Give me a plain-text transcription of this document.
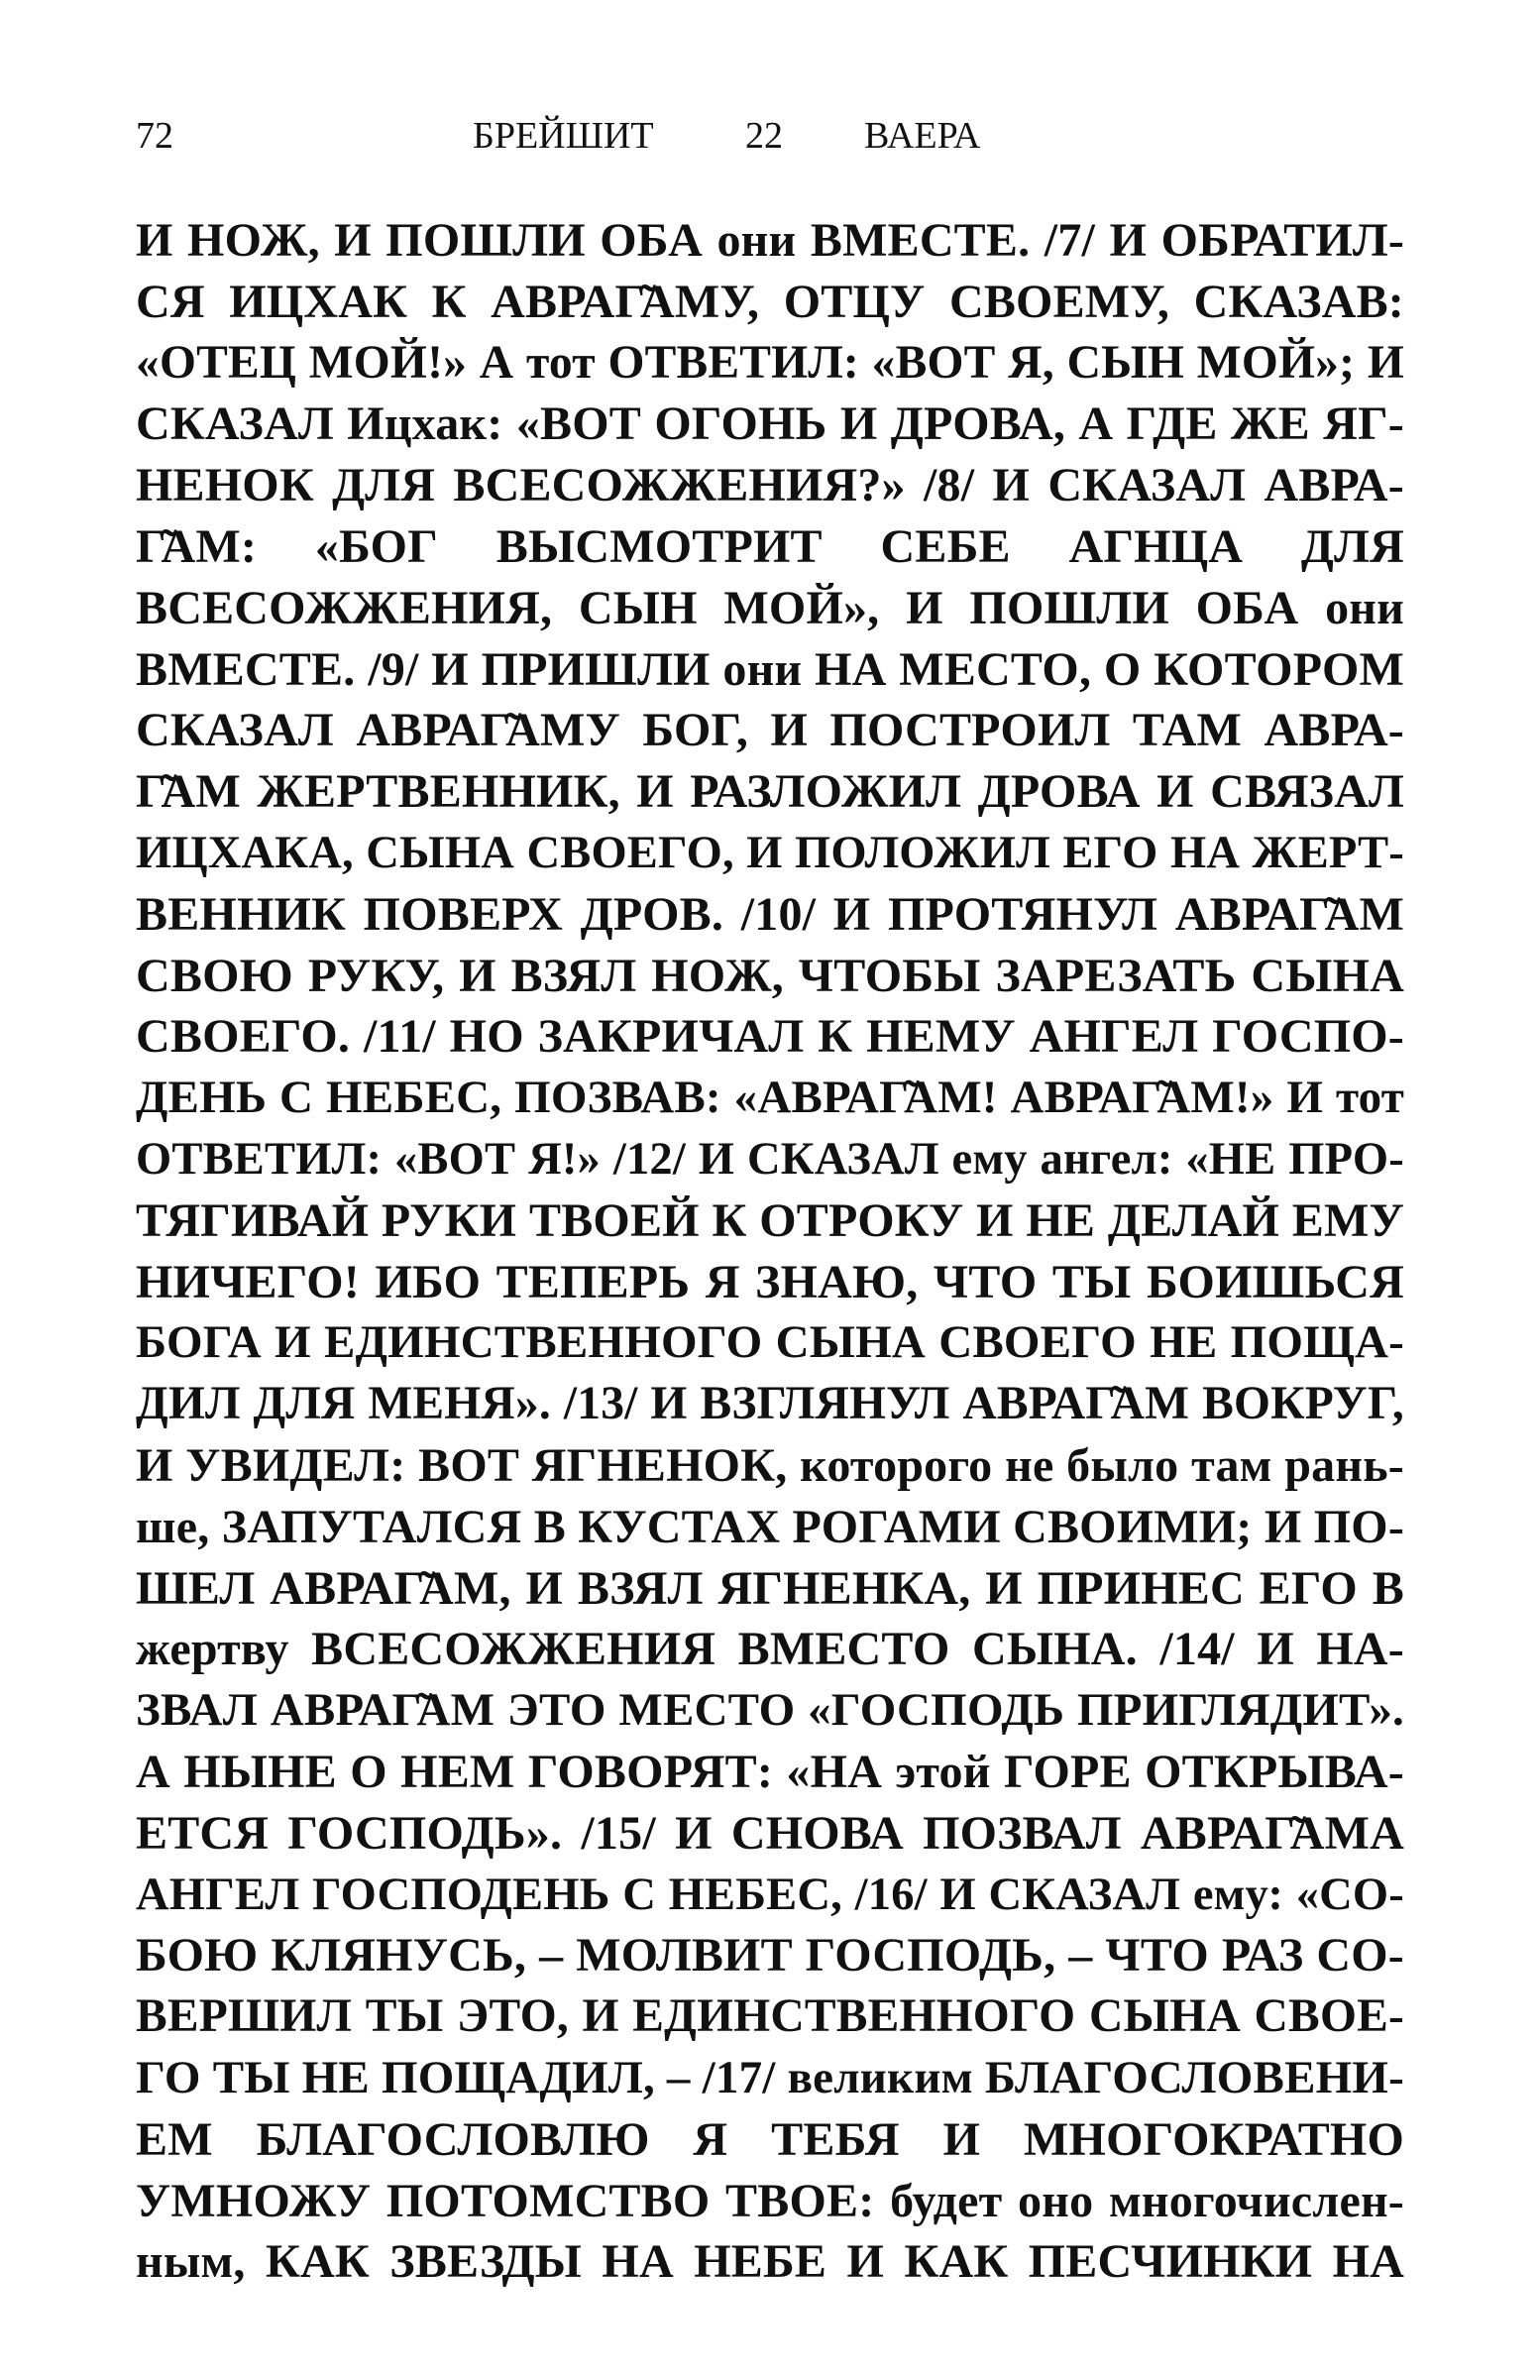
72	БРЕЙШИТ 22 ВАЕРА
И НОЖ, И ПОШЛИ ОБА они ВМЕСТЕ. /7/ И ОБРАТИЛ-
СЯ ИЦХАК К АВРАГ̃АМУ, ОТЦУ СВОЕМУ, СКАЗАВ:
«ОТЕЦ МОЙ!» А тот ОТВЕТИЛ: «ВОТ Я, СЫН МОЙ»; И
СКАЗАЛ Ицхак: «ВОТ ОГОНЬ И ДРОВА, А ГДЕ ЖЕ ЯГ-
НЕНОК ДЛЯ ВСЕСОЖЖЕНИЯ?» /8/ И СКАЗАЛ АВРА-
Г̃АМ: «БОГ ВЫСМОТРИТ СЕБЕ АГНЦА ДЛЯ
ВСЕСОЖЖЕНИЯ, СЫН МОЙ», И ПОШЛИ ОБА они
ВМЕСТЕ. /9/ И ПРИШЛИ они НА МЕСТО, О КОТОРОМ
СКАЗАЛ АВРАГ̃АМУ БОГ, И ПОСТРОИЛ ТАМ АВРА-
Г̃АМ ЖЕРТВЕННИК, И РАЗЛОЖИЛ ДРОВА И СВЯЗАЛ
ИЦХАКА, СЫНА СВОЕГО, И ПОЛОЖИЛ ЕГО НА ЖЕРТ-
ВЕННИК ПОВЕРХ ДРОВ. /10/ И ПРОТЯНУЛ АВРАГ̃АМ
СВОЮ РУКУ, И ВЗЯЛ НОЖ, ЧТОБЫ ЗАРЕЗАТЬ СЫНА
СВОЕГО. /11/ НО ЗАКРИЧАЛ К НЕМУ АНГЕЛ ГОСПО-
ДЕНЬ С НЕБЕС, ПОЗВАВ: «АВРАГ̃АМ! АВРАГ̃АМ!» И тот
ОТВЕТИЛ: «ВОТ Я!» /12/ И СКАЗАЛ ему ангел: «НЕ ПРО-
ТЯГИВАЙ РУКИ ТВОЕЙ К ОТРОКУ И НЕ ДЕЛАЙ ЕМУ
НИЧЕГО! ИБО ТЕПЕРЬ Я ЗНАЮ, ЧТО ТЫ БОИШЬСЯ
БОГА И ЕДИНСТВЕННОГО СЫНА СВОЕГО НЕ ПОЩА-
ДИЛ ДЛЯ МЕНЯ». /13/ И ВЗГЛЯНУЛ АВРАГ̃АМ ВОКРУГ,
И УВИДЕЛ: ВОТ ЯГНЕНОК, которого не было там рань-
ше, ЗАПУТАЛСЯ В КУСТАХ РОГАМИ СВОИМИ; И ПО-
ШЕЛ АВРАГ̃АМ, И ВЗЯЛ ЯГНЕНКА, И ПРИНЕС ЕГО В
жертву ВСЕСОЖЖЕНИЯ ВМЕСТО СЫНА. /14/ И НА-
ЗВАЛ АВРАГ̃АМ ЭТО МЕСТО «ГОСПОДЬ ПРИГЛЯДИТ».
А НЫНЕ О НЕМ ГОВОРЯТ: «НА этой ГОРЕ ОТКРЫВА-
ЕТСЯ ГОСПОДЬ». /15/ И СНОВА ПОЗВАЛ АВРАГ̃АМА
АНГЕЛ ГОСПОДЕНЬ С НЕБЕС, /16/ И СКАЗАЛ ему: «СО-
БОЮ КЛЯНУСЬ, – МОЛВИТ ГОСПОДЬ, – ЧТО РАЗ СО-
ВЕРШИЛ ТЫ ЭТО, И ЕДИНСТВЕННОГО СЫНА СВОЕ-
ГО ТЫ НЕ ПОЩАДИЛ, – /17/ великим БЛАГОСЛОВЕНИ-
ЕМ БЛАГОСЛОВЛЮ Я ТЕБЯ И МНОГОКРАТНО
УМНОЖУ ПОТОМСТВО ТВОЕ: будет оно многочислен-
ным, КАК ЗВЕЗДЫ НА НЕБЕ И КАК ПЕСЧИНКИ НА
